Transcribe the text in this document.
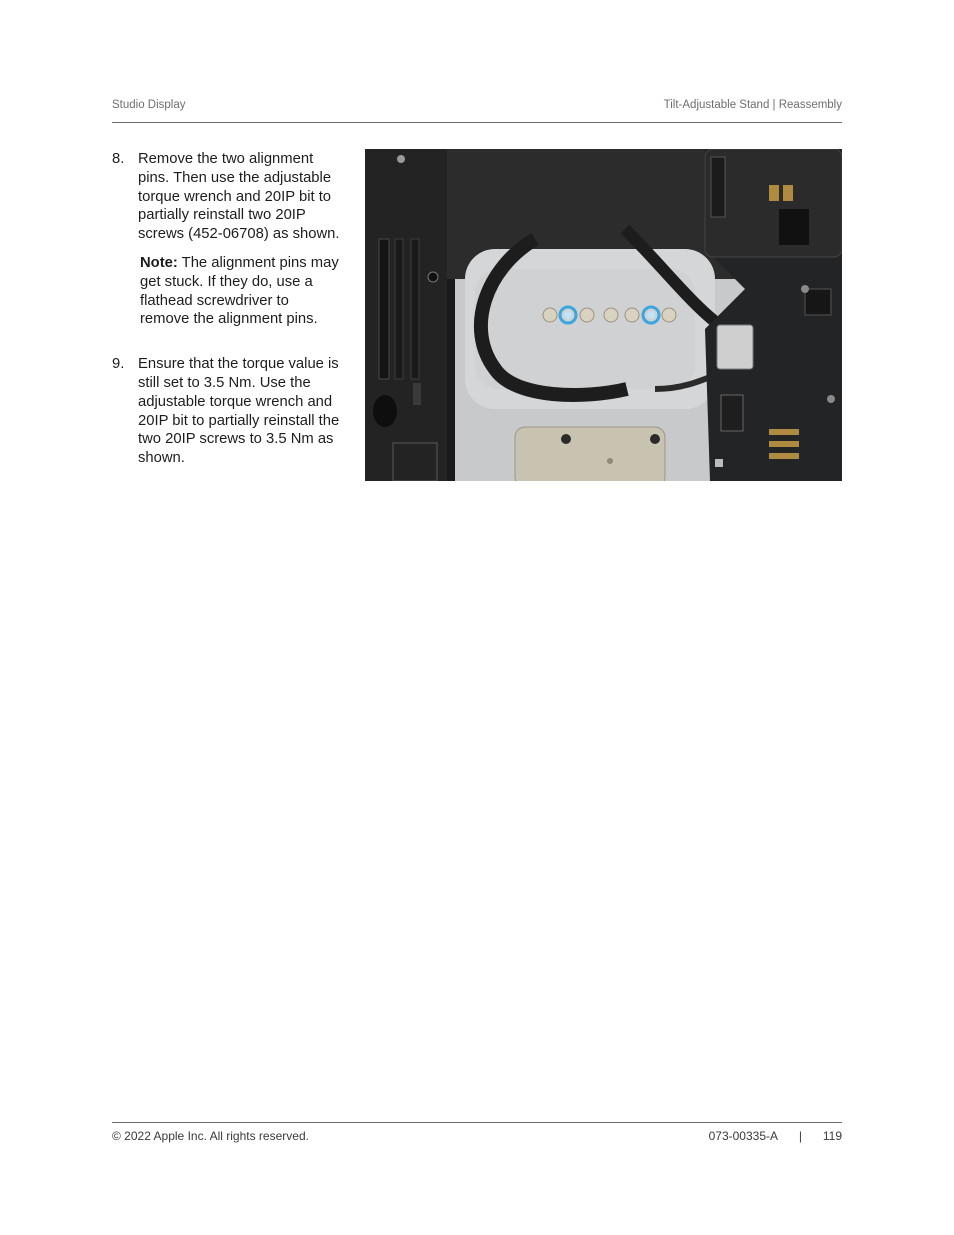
Studio Display	Tilt-Adjustable Stand | Reassembly
8. Remove the two alignment pins. Then use the adjustable torque wrench and 20IP bit to partially reinstall two 20IP screws (452-06708) as shown.
Note: The alignment pins may get stuck. If they do, use a flathead screwdriver to remove the alignment pins.
9. Ensure that the torque value is still set to 3.5 Nm. Use the adjustable torque wrench and 20IP bit to partially reinstall the two 20IP screws to 3.5 Nm as shown.
© 2022 Apple Inc. All rights reserved.	073-00335-A | 119
